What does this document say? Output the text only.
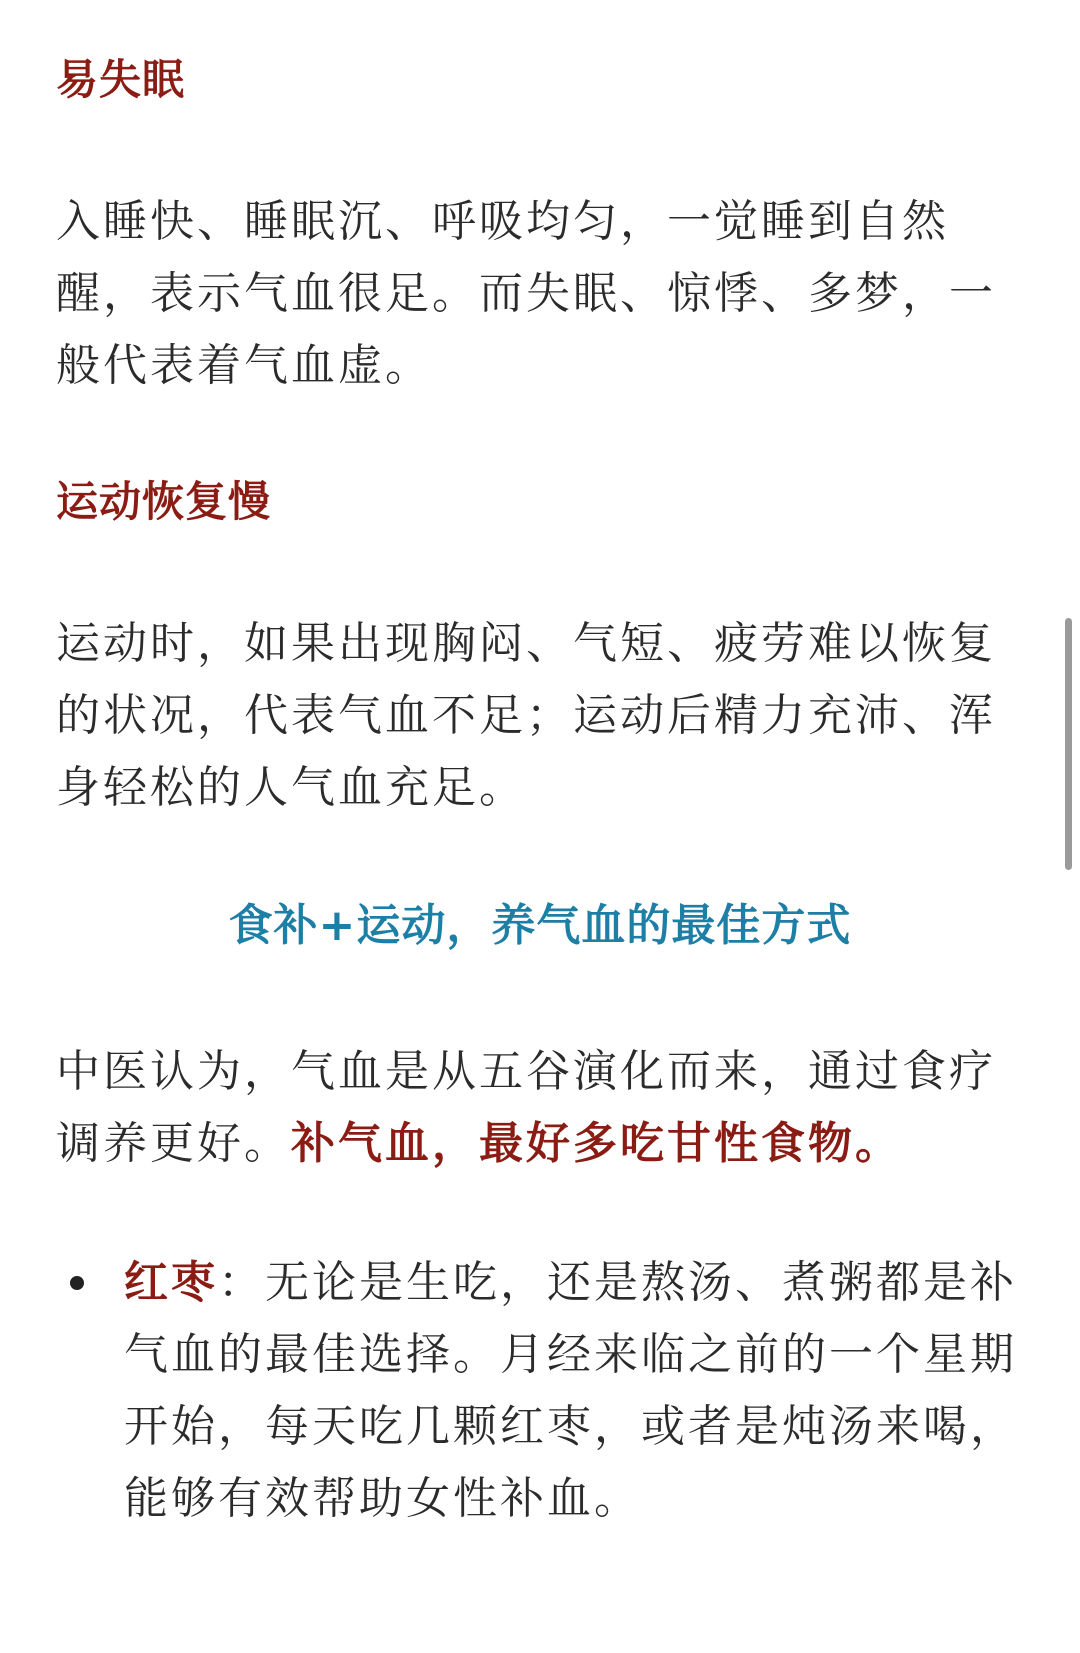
易失眠

入睡快、睡眠沉、呼吸均匀，一觉睡到自然醒，表示气血很足。而失眠、惊悸、多梦，一般代表着气血虚。

运动恢复慢

运动时，如果出现胸闷、气短、疲劳难以恢复的状况，代表气血不足；运动后精力充沛、浑身轻松的人气血充足。

食补+运动，养气血的最佳方式

中医认为，气血是从五谷演化而来，通过食疗调养更好。补气血，最好多吃甘性食物。

红枣：无论是生吃，还是熬汤、煮粥都是补气血的最佳选择。月经来临之前的一个星期开始，每天吃几颗红枣，或者是炖汤来喝，能够有效帮助女性补血。
